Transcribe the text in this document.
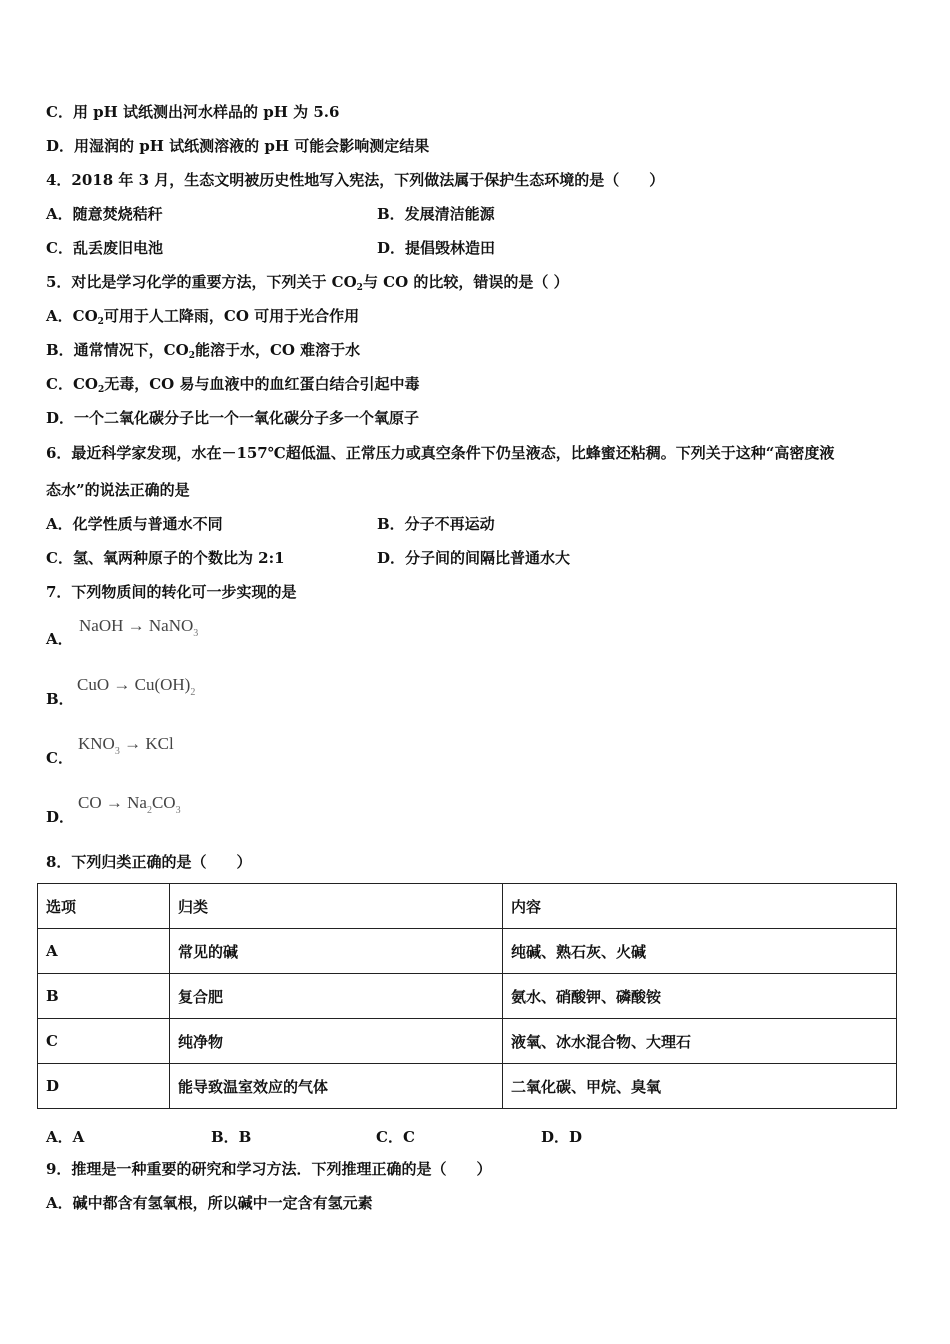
C．用 pH 试纸测出河水样品的 pH 为 5.6
D．用湿润的 pH 试纸测溶液的 pH 可能会影响测定结果
4．2018 年 3 月，生态文明被历史性地写入宪法，下列做法属于保护生态环境的是（　　）
A．随意焚烧秸秆	B．发展清洁能源
C．乱丢废旧电池	D．提倡毁林造田
5．对比是学习化学的重要方法，下列关于 $CO_2$与 CO 的比较，错误的是（ ）
A．$CO_2$可用于人工降雨，CO 可用于光合作用
B．通常情况下，$CO_2$能溶于水，CO 难溶于水
C．$CO_2$无毒，CO 易与血液中的血红蛋白结合引起中毒
D．一个二氧化碳分子比一个一氧化碳分子多一个氧原子
6．最近科学家发现，水在－157℃超低温、正常压力或真空条件下仍呈液态，比蜂蜜还粘稠。下列关于这种“高密度液
态水”的说法正确的是
A．化学性质与普通水不同	B．分子不再运动
C．氢、氧两种原子的个数比为 2:1	D．分子间的间隔比普通水大
7．下列物质间的转化可一步实现的是
A．
NaOH → NaNO$_3$
B．
CuO → $Cu(OH)_2$
C．
$KNO_3$ → KCl
D．
CO → $Na_2CO_3$
8．下列归类正确的是（　　）
选项	归类	内容
A	常见的碱	纯碱、熟石灰、火碱
B	复合肥	氨水、硝酸钾、磷酸铵
C	纯净物	液氧、冰水混合物、大理石
D	能导致温室效应的气体	二氧化碳、甲烷、臭氧
A．A	B．B	C．C	D．D
9．推理是一种重要的研究和学习方法．下列推理正确的是（　　）
A．碱中都含有氢氧根，所以碱中一定含有氢元素
